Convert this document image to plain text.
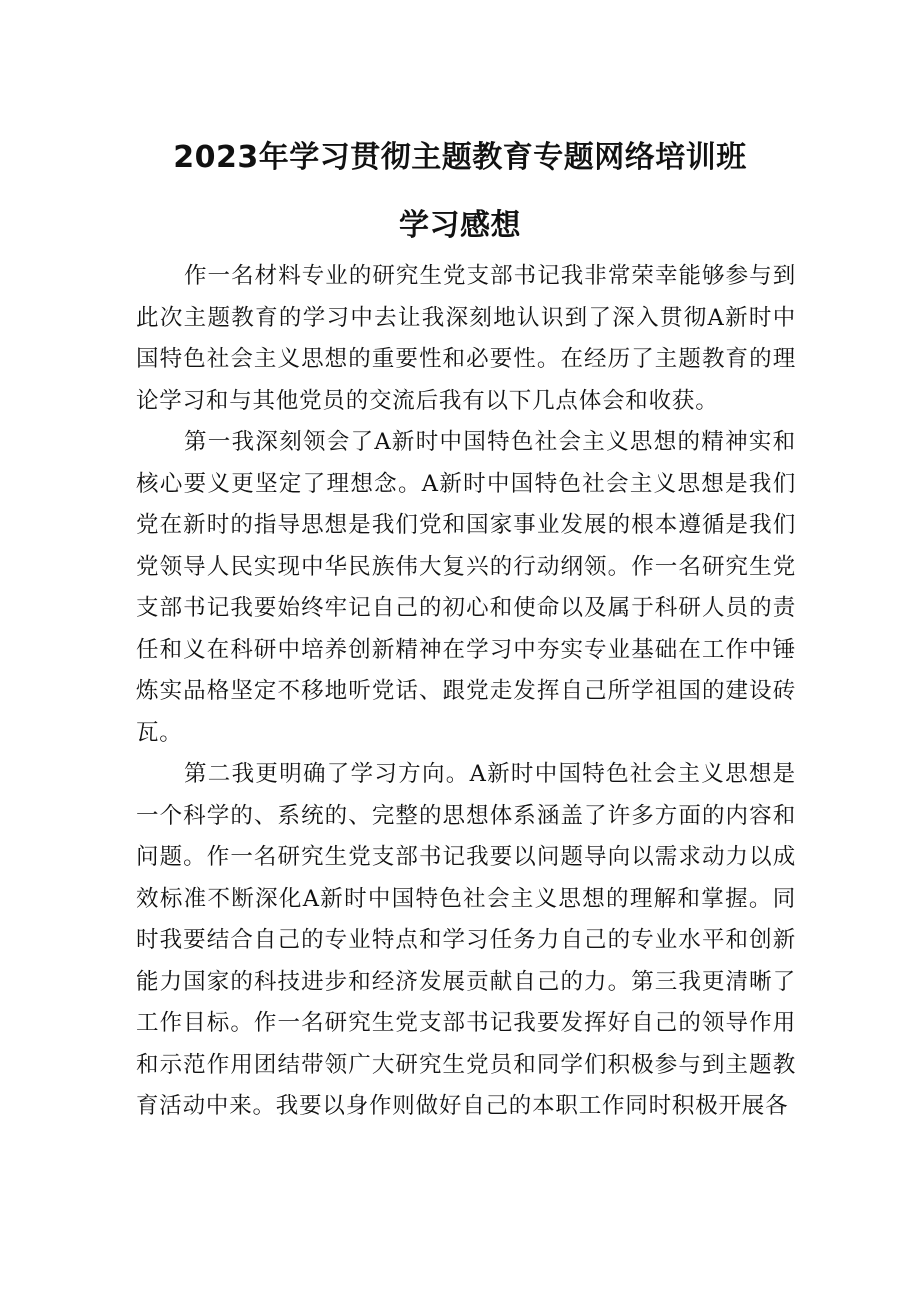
2023年学习贯彻主题教育专题网络培训班
学习感想

作一名材料专业的研究生党支部书记我非常荣幸能够参与到此次主题教育的学习中去让我深刻地认识到了深入贯彻A新时中国特色社会主义思想的重要性和必要性。在经历了主题教育的理论学习和与其他党员的交流后我有以下几点体会和收获。

第一我深刻领会了A新时中国特色社会主义思想的精神实和核心要义更坚定了理想念。A新时中国特色社会主义思想是我们党在新时的指导思想是我们党和国家事业发展的根本遵循是我们党领导人民实现中华民族伟大复兴的行动纲领。作一名研究生党支部书记我要始终牢记自己的初心和使命以及属于科研人员的责任和义在科研中培养创新精神在学习中夯实专业基础在工作中锤炼实品格坚定不移地听党话、跟党走发挥自己所学祖国的建设砖瓦。

第二我更明确了学习方向。A新时中国特色社会主义思想是一个科学的、系统的、完整的思想体系涵盖了许多方面的内容和问题。作一名研究生党支部书记我要以问题导向以需求动力以成效标准不断深化A新时中国特色社会主义思想的理解和掌握。同时我要结合自己的专业特点和学习任务力自己的专业水平和创新能力国家的科技进步和经济发展贡献自己的力。第三我更清晰了工作目标。作一名研究生党支部书记我要发挥好自己的领导作用和示范作用团结带领广大研究生党员和同学们积极参与到主题教育活动中来。我要以身作则做好自己的本职工作同时积极开展各
